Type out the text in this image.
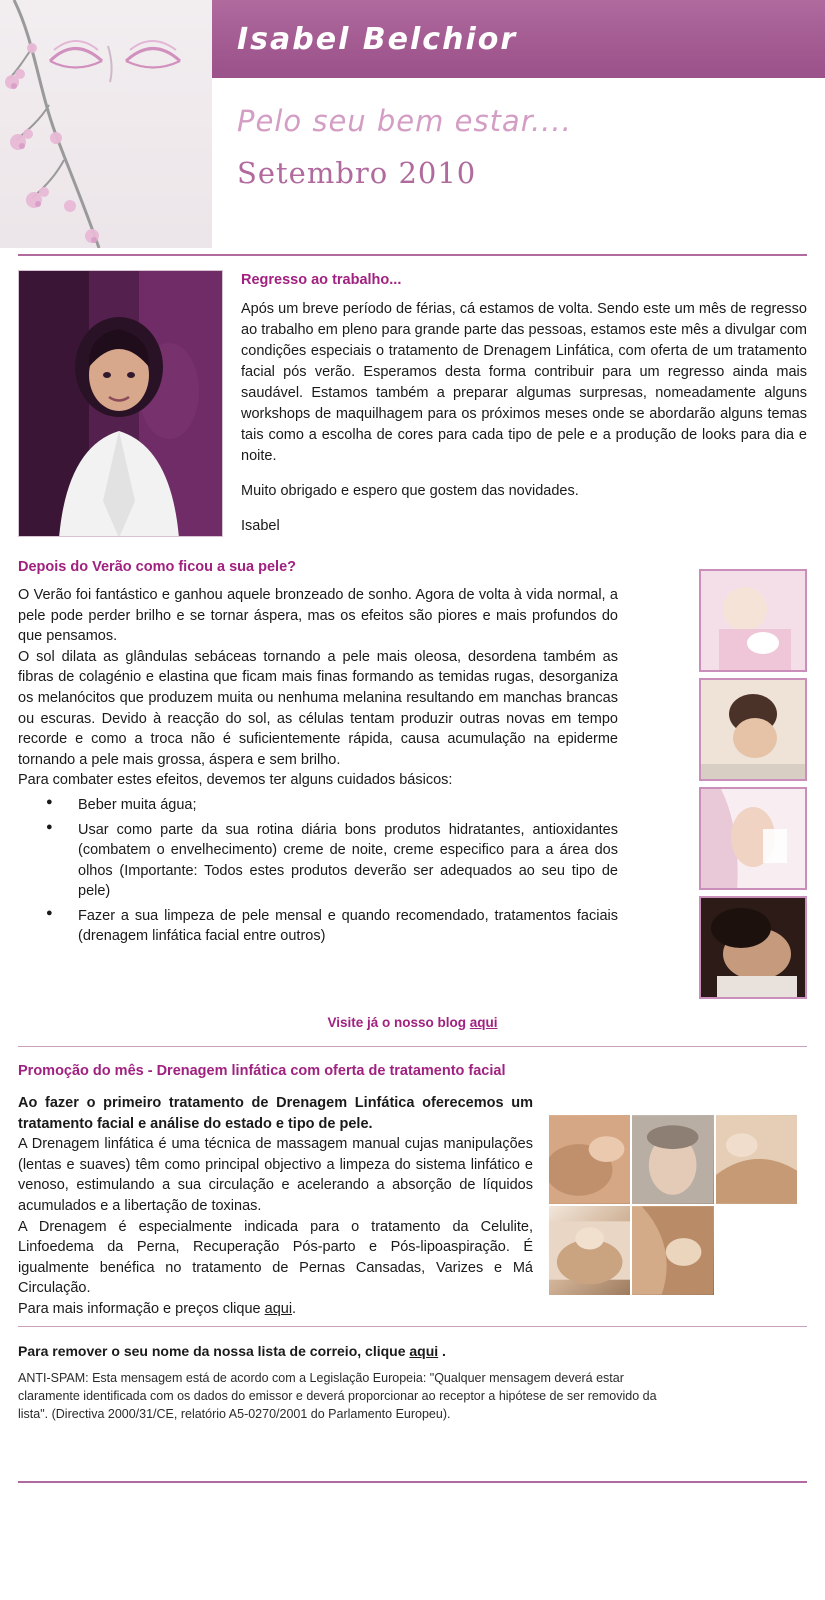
Isabel Belchior
Pelo seu bem estar....
Setembro 2010
Regresso ao trabalho...

Após um breve período de férias, cá estamos de volta. Sendo este um mês de regresso ao trabalho em pleno para grande parte das pessoas, estamos este mês a divulgar com condições especiais o tratamento de Drenagem Linfática, com oferta de um tratamento facial pós verão. Esperamos desta forma contribuir para um regresso ainda mais saudável. Estamos também a preparar algumas surpresas, nomeadamente alguns workshops de maquilhagem para os próximos meses onde se abordarão alguns temas tais como a escolha de cores para cada tipo de pele e a produção de looks para dia e noite.

Muito obrigado e espero que gostem das novidades.

Isabel

Depois do Verão como ficou a sua pele?

O Verão foi fantástico e ganhou aquele bronzeado de sonho. Agora de volta à vida normal, a pele pode perder brilho e se tornar áspera, mas os efeitos são piores e mais profundos do que pensamos.

O sol dilata as glândulas sebáceas tornando a pele mais oleosa, desordena também as fibras de colagénio e elastina que ficam mais finas formando as temidas rugas, desorganiza os melanócitos que produzem muita ou nenhuma melanina resultando em manchas brancas ou escuras. Devido à reacção do sol, as células tentam produzir outras novas em tempo recorde e como a troca não é suficientemente rápida, causa acumulação na epiderme tornando a pele mais grossa, áspera e sem brilho.

Para combater estes efeitos, devemos ter alguns cuidados básicos:

● Beber muita água;
● Usar como parte da sua rotina diária bons produtos hidratantes, antioxidantes (combatem o envelhecimento) creme de noite, creme especifico para a área dos olhos (Importante: Todos estes produtos deverão ser adequados ao seu tipo de pele)
● Fazer a sua limpeza de pele mensal e quando recomendado, tratamentos faciais (drenagem linfática facial entre outros)
Visite já o nosso blog aqui
Promoção do mês - Drenagem linfática com oferta de tratamento facial

Ao fazer o primeiro tratamento de Drenagem Linfática oferecemos um tratamento facial e análise do estado e tipo de pele.

A Drenagem linfática é uma técnica de massagem manual cujas manipulações (lentas e suaves) têm como principal objectivo a limpeza do sistema linfático e venoso, estimulando a sua circulação e acelerando a absorção de líquidos acumulados e a libertação de toxinas.

A Drenagem é especialmente indicada para o tratamento da Celulite, Linfoedema da Perna, Recuperação Pós-parto e Pós-lipoaspiração. É igualmente benéfica no tratamento de Pernas Cansadas, Varizes e Má Circulação.

Para mais informação e preços clique aqui.

Para remover o seu nome da nossa lista de correio, clique aqui .
ANTI-SPAM: Esta mensagem está de acordo com a Legislação Europeia: "Qualquer mensagem deverá estar claramente identificada com os dados do emissor e deverá proporcionar ao receptor a hipótese de ser removido da lista". (Directiva 2000/31/CE, relatório A5-0270/2001 do Parlamento Europeu).
